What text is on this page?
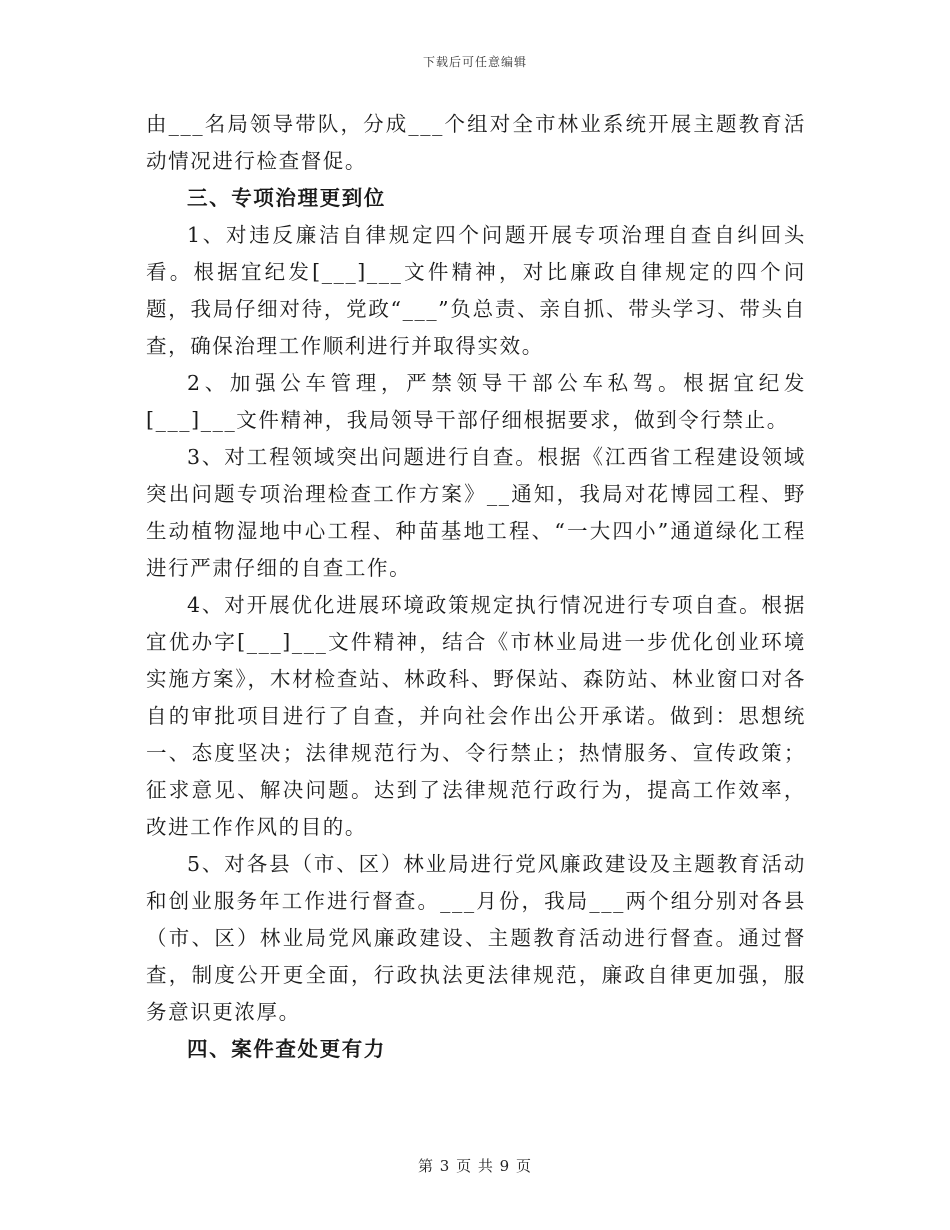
下载后可任意编辑

由___名局领导带队，分成___个组对全市林业系统开展主题教育活动情况进行检查督促。

三、专项治理更到位

1、对违反廉洁自律规定四个问题开展专项治理自查自纠回头看。根据宜纪发[___]___文件精神，对比廉政自律规定的四个问题，我局仔细对待，党政“___”负总责、亲自抓、带头学习、带头自查，确保治理工作顺利进行并取得实效。

2、加强公车管理，严禁领导干部公车私驾。根据宜纪发[___]___文件精神，我局领导干部仔细根据要求，做到令行禁止。

3、对工程领域突出问题进行自查。根据《江西省工程建设领域突出问题专项治理检查工作方案》__通知，我局对花博园工程、野生动植物湿地中心工程、种苗基地工程、“一大四小”通道绿化工程进行严肃仔细的自查工作。

4、对开展优化进展环境政策规定执行情况进行专项自查。根据宜优办字[___]___文件精神，结合《市林业局进一步优化创业环境实施方案》，木材检查站、林政科、野保站、森防站、林业窗口对各自的审批项目进行了自查，并向社会作出公开承诺。做到：思想统一、态度坚决；法律规范行为、令行禁止；热情服务、宣传政策；征求意见、解决问题。达到了法律规范行政行为，提高工作效率，改进工作作风的目的。

5、对各县（市、区）林业局进行党风廉政建设及主题教育活动和创业服务年工作进行督查。___月份，我局___两个组分别对各县（市、区）林业局党风廉政建设、主题教育活动进行督查。通过督查，制度公开更全面，行政执法更法律规范，廉政自律更加强，服务意识更浓厚。

四、案件查处更有力

第 3 页 共 9 页
